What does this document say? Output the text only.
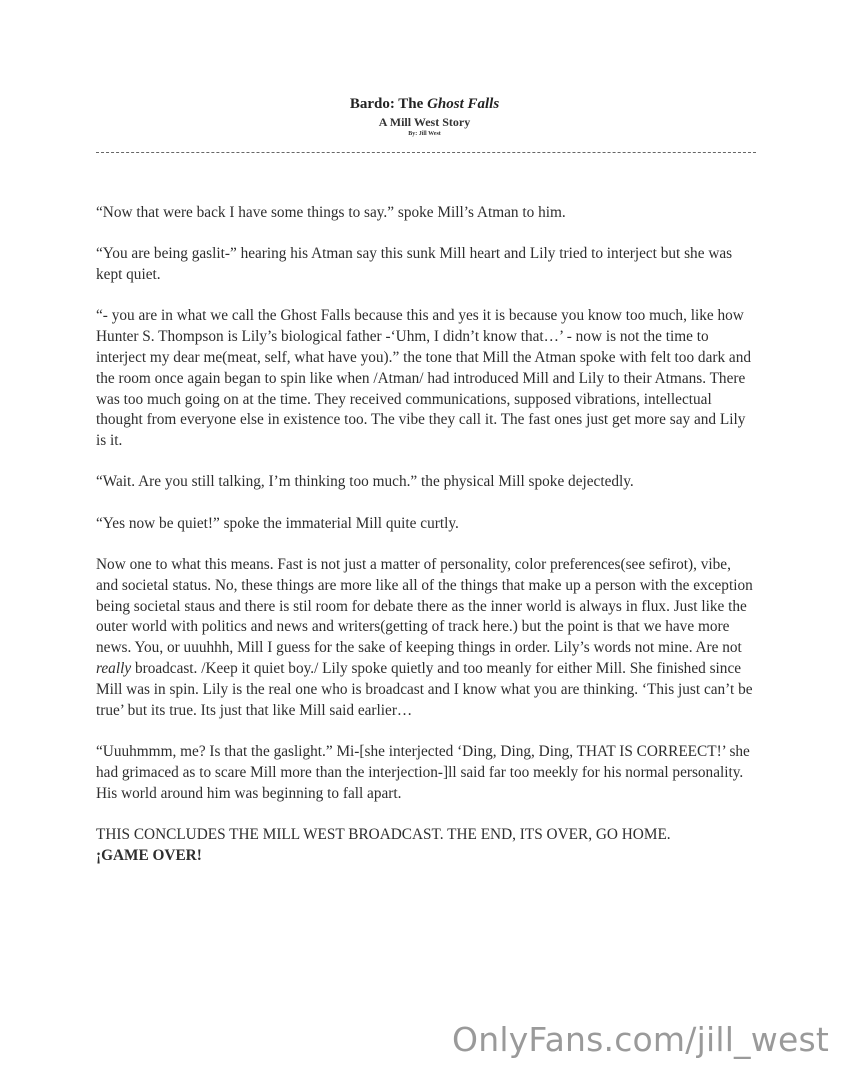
Bardo: The Ghost Falls
A Mill West Story
By: Jill West

“Now that were back I have some things to say.” spoke Mill’s Atman to him.

“You are being gaslit-” hearing his Atman say this sunk Mill heart and Lily tried to interject but she was kept quiet.

“- you are in what we call the Ghost Falls because this and yes it is because you know too much, like how Hunter S. Thompson is Lily’s biological father -‘Uhm, I didn’t know that…’ - now is not the time to interject my dear me(meat, self, what have you).” the tone that Mill the Atman spoke with felt too dark and the room once again began to spin like when /Atman/ had introduced Mill and Lily to their Atmans. There was too much going on at the time. They received communications, supposed vibrations, intellectual thought from everyone else in existence too. The vibe they call it. The fast ones just get more say and Lily is it.

“Wait. Are you still talking, I’m thinking too much.” the physical Mill spoke dejectedly.

“Yes now be quiet!” spoke the immaterial Mill quite curtly.

Now one to what this means. Fast is not just a matter of personality, color preferences(see sefirot), vibe, and societal status. No, these things are more like all of the things that make up a person with the exception being societal staus and there is stil room for debate there as the inner world is always in flux. Just like the outer world with politics and news and writers(getting of track here.) but the point is that we have more news. You, or uuuhhh, Mill I guess for the sake of keeping things in order. Lily’s words not mine. Are not really broadcast. /Keep it quiet boy./ Lily spoke quietly and too meanly for either Mill. She finished since Mill was in spin. Lily is the real one who is broadcast and I know what you are thinking. ‘This just can’t be true’ but its true. Its just that like Mill said earlier…

“Uuuhmmm, me? Is that the gaslight.” Mi-[she interjected ‘Ding, Ding, Ding, THAT IS CORREECT!’ she had grimaced as to scare Mill more than the interjection-]ll said far too meekly for his normal personality. His world around him was beginning to fall apart.

THIS CONCLUDES THE MILL WEST BROADCAST. THE END, ITS OVER, GO HOME.
¡GAME OVER!

OnlyFans.com/jill_west
